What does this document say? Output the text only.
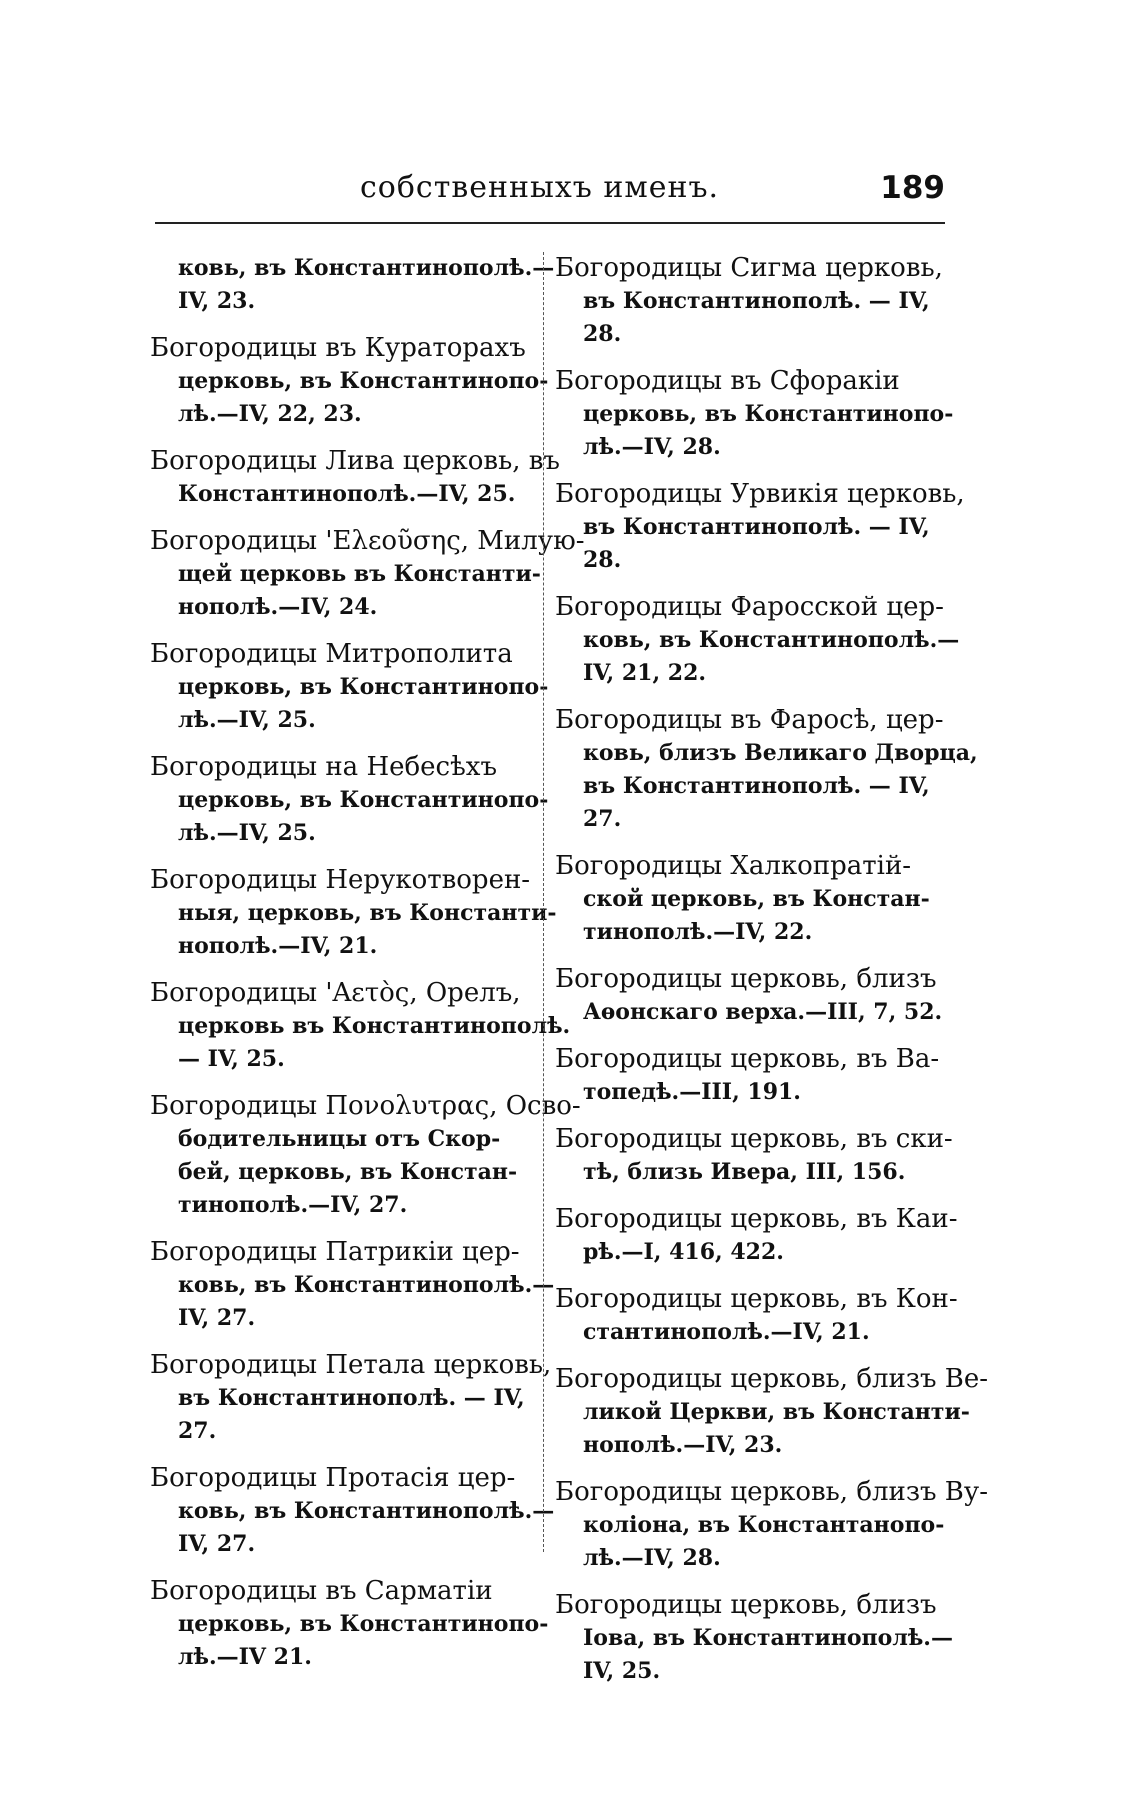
собственныхъ именъ.	189
ковь, въ Константинополѣ.—
IV, 23.
Богородицы въ Кураторахъ
церковь, въ Константинопо-
лѣ.—IV, 22, 23.
Богородицы Лива церковь, въ
Константинополѣ.—IV, 25.
Богородицы 'Ελεοῦσης, Милую-
щей церковь въ Константи-
нополѣ.—IV, 24.
Богородицы Митрополита
церковь, въ Константинопо-
лѣ.—IV, 25.
Богородицы на Небесѣхъ
церковь, въ Константинопо-
лѣ.—IV, 25.
Богородицы Нерукотворен-
ныя, церковь, въ Константи-
нополѣ.—IV, 21.
Богородицы 'Αετὸς, Орелъ,
церковь въ Константинополѣ.
— IV, 25.
Богородицы Πονολυτρας, Осво-
бодительницы отъ Скор-
бей, церковь, въ Констан-
тинополѣ.—IV, 27.
Богородицы Патрикіи цер-
ковь, въ Константинополѣ.—
IV, 27.
Богородицы Петала церковь,
въ Константинополѣ. — IV,
27.
Богородицы Протасія цер-
ковь, въ Константинополѣ.—
IV, 27.
Богородицы въ Сарматіи
церковь, въ Константинопо-
лѣ.—IV 21.
Богородицы Сигма церковь,
въ Константинополѣ. — IV,
28.
Богородицы въ Сфоракіи
церковь, въ Константинопо-
лѣ.—IV, 28.
Богородицы Урвикія церковь,
въ Константинополѣ. — IV,
28.
Богородицы Фаросской цер-
ковь, въ Константинополѣ.—
IV, 21, 22.
Богородицы въ Фаросѣ, цер-
ковь, близъ Великаго Дворца,
въ Константинополѣ. — IV,
27.
Богородицы Халкопратій-
ской церковь, въ Констан-
тинополѣ.—IV, 22.
Богородицы церковь, близъ
Аѳонскаго верха.—III, 7, 52.
Богородицы церковь, въ Ва-
топедѣ.—III, 191.
Богородицы церковь, въ ски-
тѣ, близь Ивера, III, 156.
Богородицы церковь, въ Каи-
рѣ.—I, 416, 422.
Богородицы церковь, въ Кон-
стантинополѣ.—IV, 21.
Богородицы церковь, близъ Ве-
ликой Церкви, въ Константи-
нополѣ.—IV, 23.
Богородицы церковь, близъ Ву-
коліона, въ Константанопо-
лѣ.—IV, 28.
Богородицы церковь, близъ
Іова, въ Константинополѣ.—
IV, 25.
